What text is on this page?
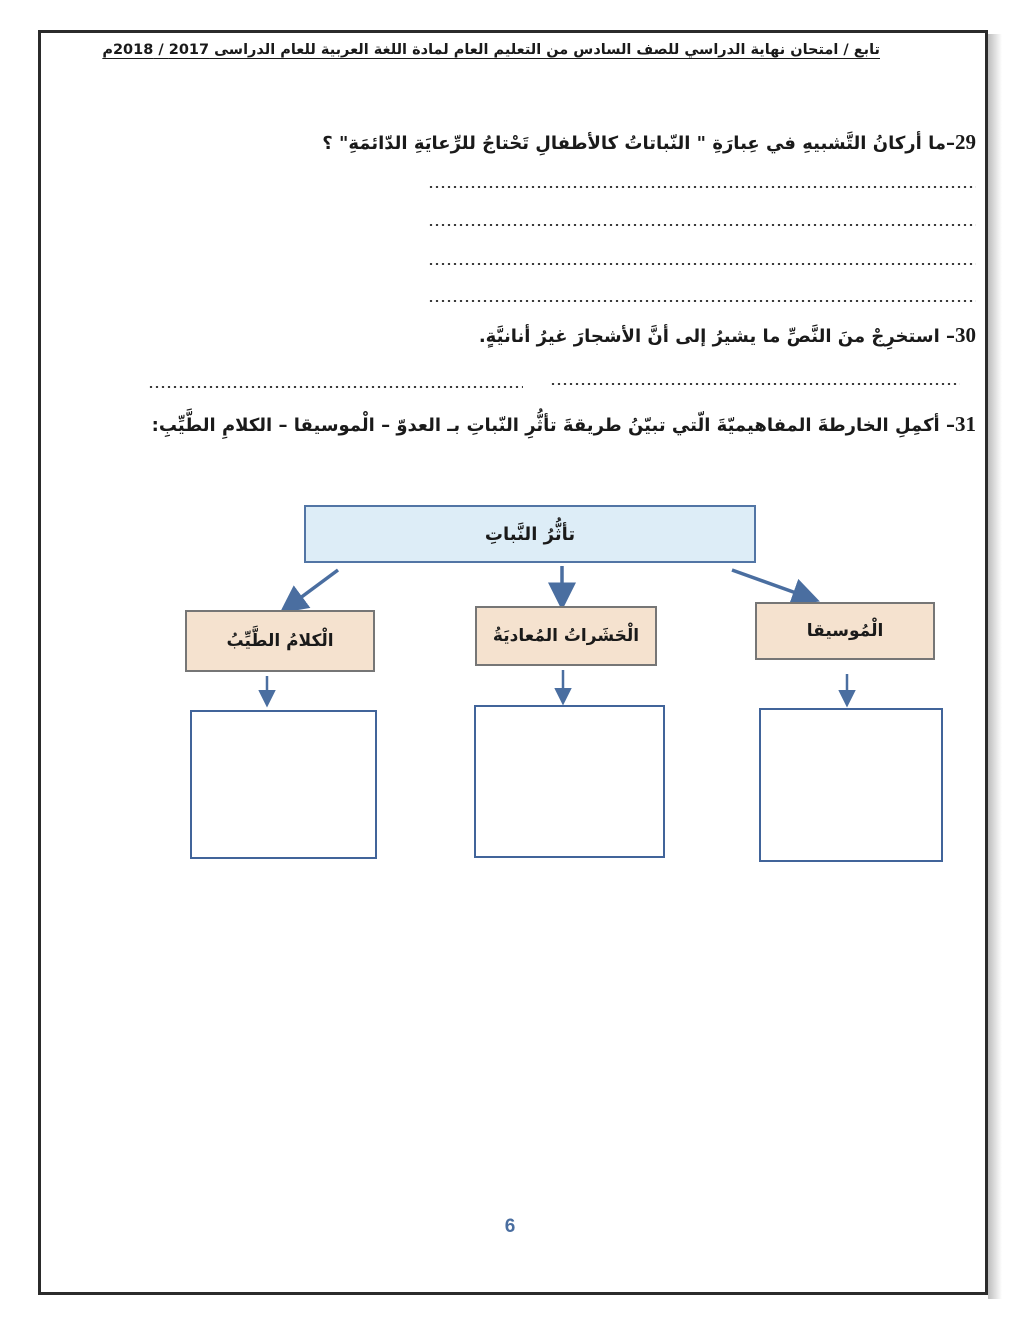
تابع / امتحان نهاية الدراسي للصف السادس من التعليم العام لمادة اللغة العربية للعام الدراسى 2017 / 2018م
29–ما أركانُ التَّشبيهِ في عِبارَةِ " النّباتاتُ كالأطفالِ تَحْتاجُ للرِّعايَةِ الدّائمَةِ" ؟
30– استخرِجْ منَ النَّصِّ ما يشيرُ إلى أنَّ الأشجارَ غيرُ أنانيَّةٍ.
31– أكمِلِ الخارطةَ المفاهيميّةَ الّتي تبيّنُ طريقةَ تأثُّرِ النّباتِ بـ العدوّ – الْموسيقا – الكلامِ الطَّيِّبِ:
تأثُّرُ النَّباتِ
الْمُوسيقا
الْحَشَراتُ المُعاديَةُ
الْكلامُ الطَّيِّبُ
6
